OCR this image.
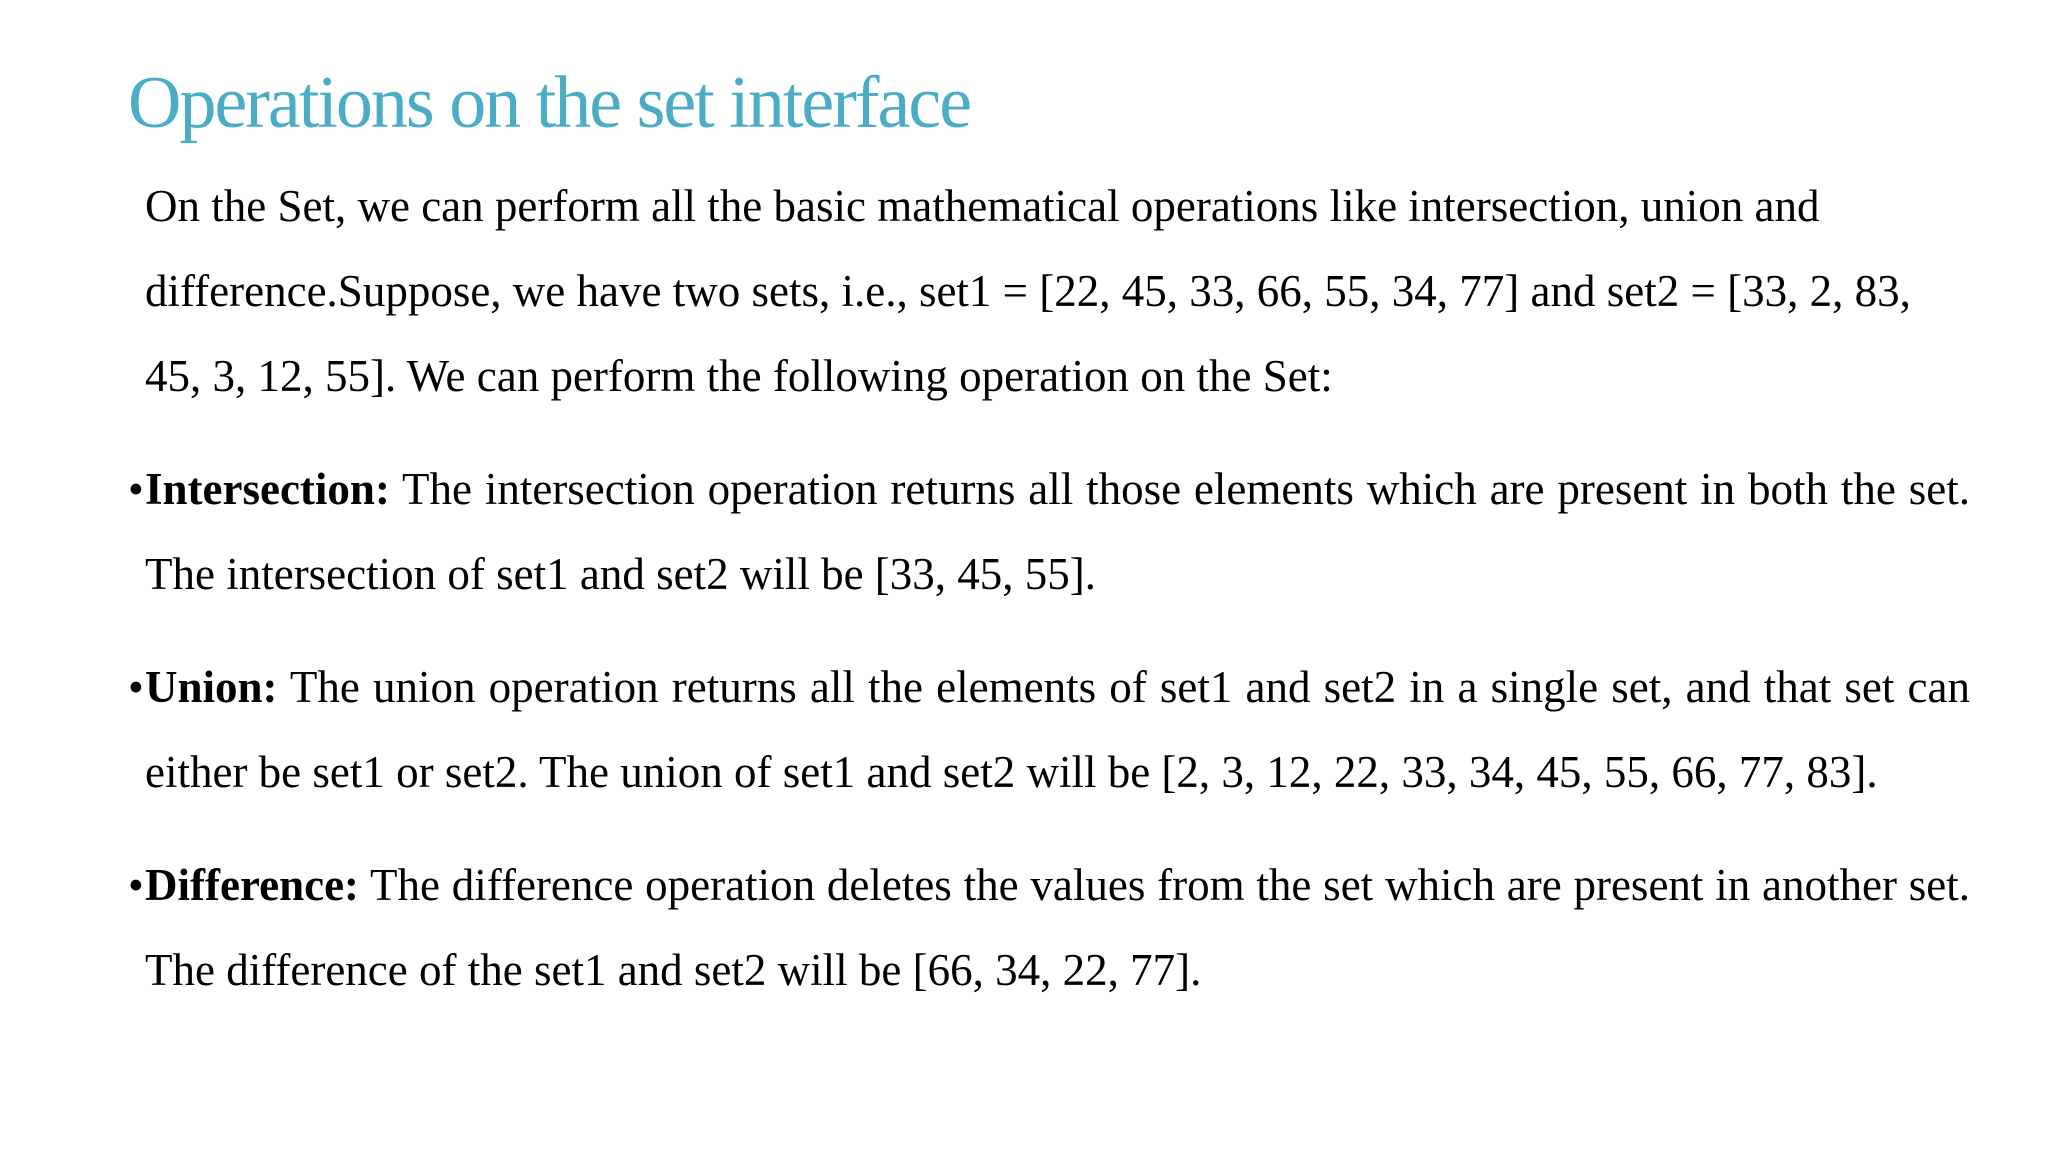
Operations on the set interface

On the Set, we can perform all the basic mathematical operations like intersection, union and difference.Suppose, we have two sets, i.e., set1 = [22, 45, 33, 66, 55, 34, 77] and set2 = [33, 2, 83, 45, 3, 12, 55]. We can perform the following operation on the Set:

• Intersection: The intersection operation returns all those elements which are present in both the set. The intersection of set1 and set2 will be [33, 45, 55].

• Union: The union operation returns all the elements of set1 and set2 in a single set, and that set can either be set1 or set2. The union of set1 and set2 will be [2, 3, 12, 22, 33, 34, 45, 55, 66, 77, 83].

• Difference: The difference operation deletes the values from the set which are present in another set. The difference of the set1 and set2 will be [66, 34, 22, 77].
